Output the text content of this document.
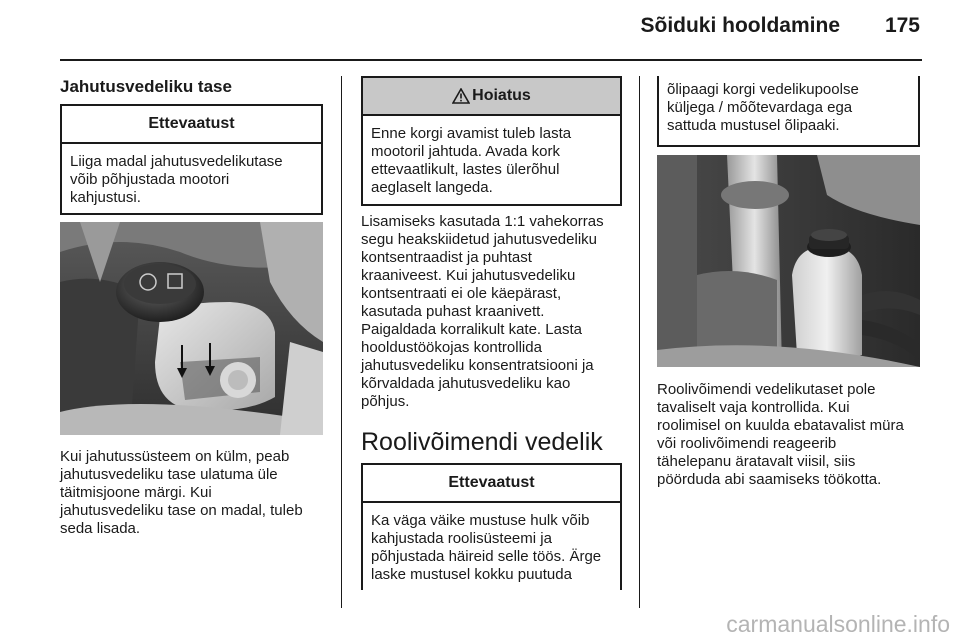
Sõiduki hooldamine 175
Jahutusvedeliku tase
Ettevaatust

Liiga madal jahutusvedelikutase

võib põhjustada mootori

kahjustusi.

Kui jahutussüsteem on külm, peab

jahutusvedeliku tase ulatuma üle

täitmisjoone märgi. Kui

jahutusvedeliku tase on madal, tuleb

seda lisada.

Hoiatus

Enne korgi avamist tuleb lasta

mootoril jahtuda. Avada kork

ettevaatlikult, lastes ülerõhul

aeglaselt langeda.

Lisamiseks kasutada 1:1 vahekorras

segu heakskiidetud jahutusvedeliku

kontsentraadist ja puhtast

kraaniveest. Kui jahutusvedeliku

kontsentraati ei ole käepärast,

kasutada puhast kraanivett.

Paigaldada korralikult kate. Lasta

hooldustöökojas kontrollida

jahutusvedeliku konsentratsiooni ja

kõrvaldada jahutusvedeliku kao

põhjus.

Roolivõimendi vedelik
Ettevaatust

Ka väga väike mustuse hulk võib

kahjustada roolisüsteemi ja

põhjustada häireid selle töös. Ärge

laske mustusel kokku puutuda

õlipaagi korgi vedelikupoolse

küljega / mõõtevardaga ega

sattuda mustusel õlipaaki.

Roolivõimendi vedelikutaset pole

tavaliselt vaja kontrollida. Kui

roolimisel on kuulda ebatavalist müra

või roolivõimendi reageerib

tähelepanu äratavalt viisil, siis

pöörduda abi saamiseks töökotta.

carmanualsonline.info
